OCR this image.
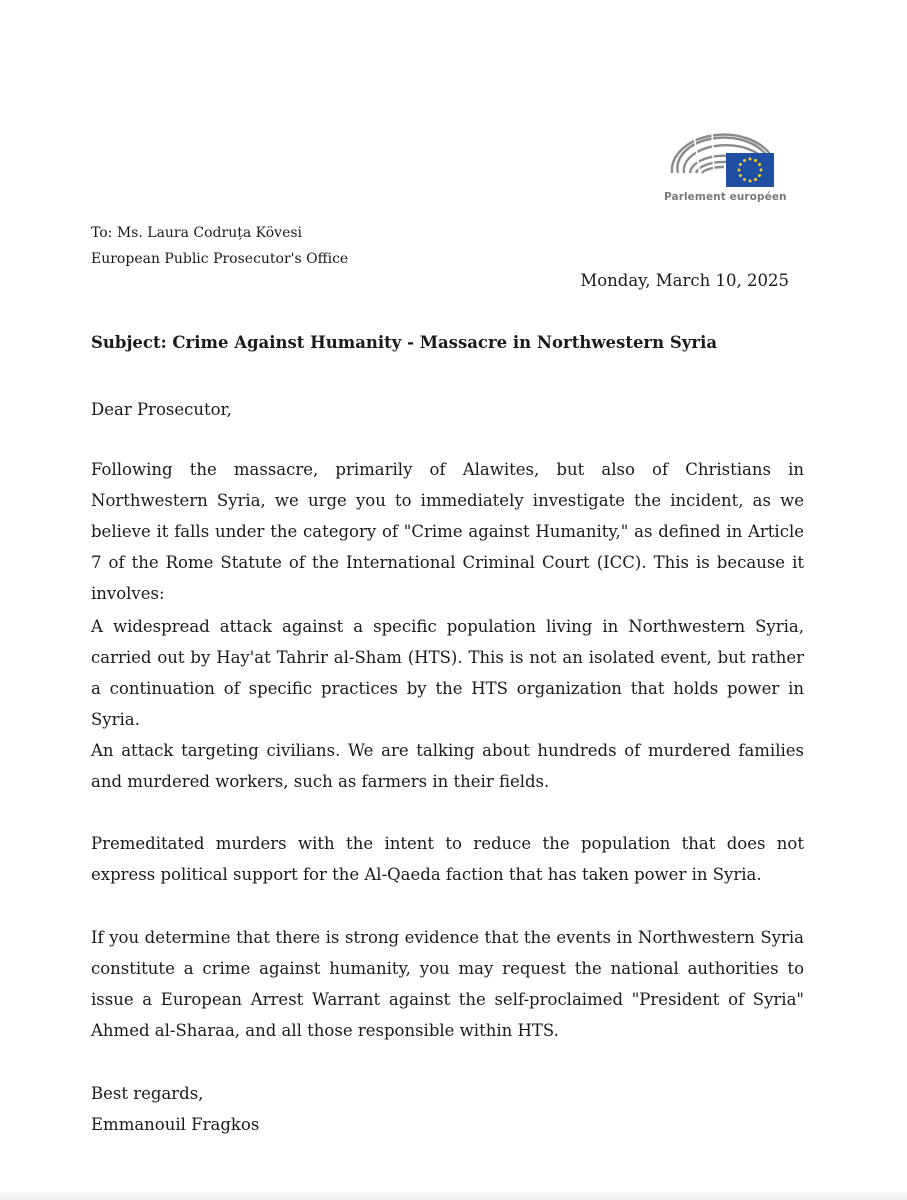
Parlement européen
To: Ms. Laura Codruța Kövesi
European Public Prosecutor's Office
Monday, March 10, 2025
Subject: Crime Against Humanity - Massacre in Northwestern Syria
Dear Prosecutor,
Following the massacre, primarily of Alawites, but also of Christians in Northwestern Syria, we urge you to immediately investigate the incident, as we believe it falls under the category of "Crime against Humanity," as defined in Article 7 of the Rome Statute of the International Criminal Court (ICC). This is because it involves:
A widespread attack against a specific population living in Northwestern Syria, carried out by Hay'at Tahrir al-Sham (HTS). This is not an isolated event, but rather a continuation of specific practices by the HTS organization that holds power in Syria.
An attack targeting civilians. We are talking about hundreds of murdered families and murdered workers, such as farmers in their fields.
Premeditated murders with the intent to reduce the population that does not express political support for the Al-Qaeda faction that has taken power in Syria.
If you determine that there is strong evidence that the events in Northwestern Syria constitute a crime against humanity, you may request the national authorities to issue a European Arrest Warrant against the self-proclaimed "President of Syria" Ahmed al-Sharaa, and all those responsible within HTS.
Best regards,
Emmanouil Fragkos
